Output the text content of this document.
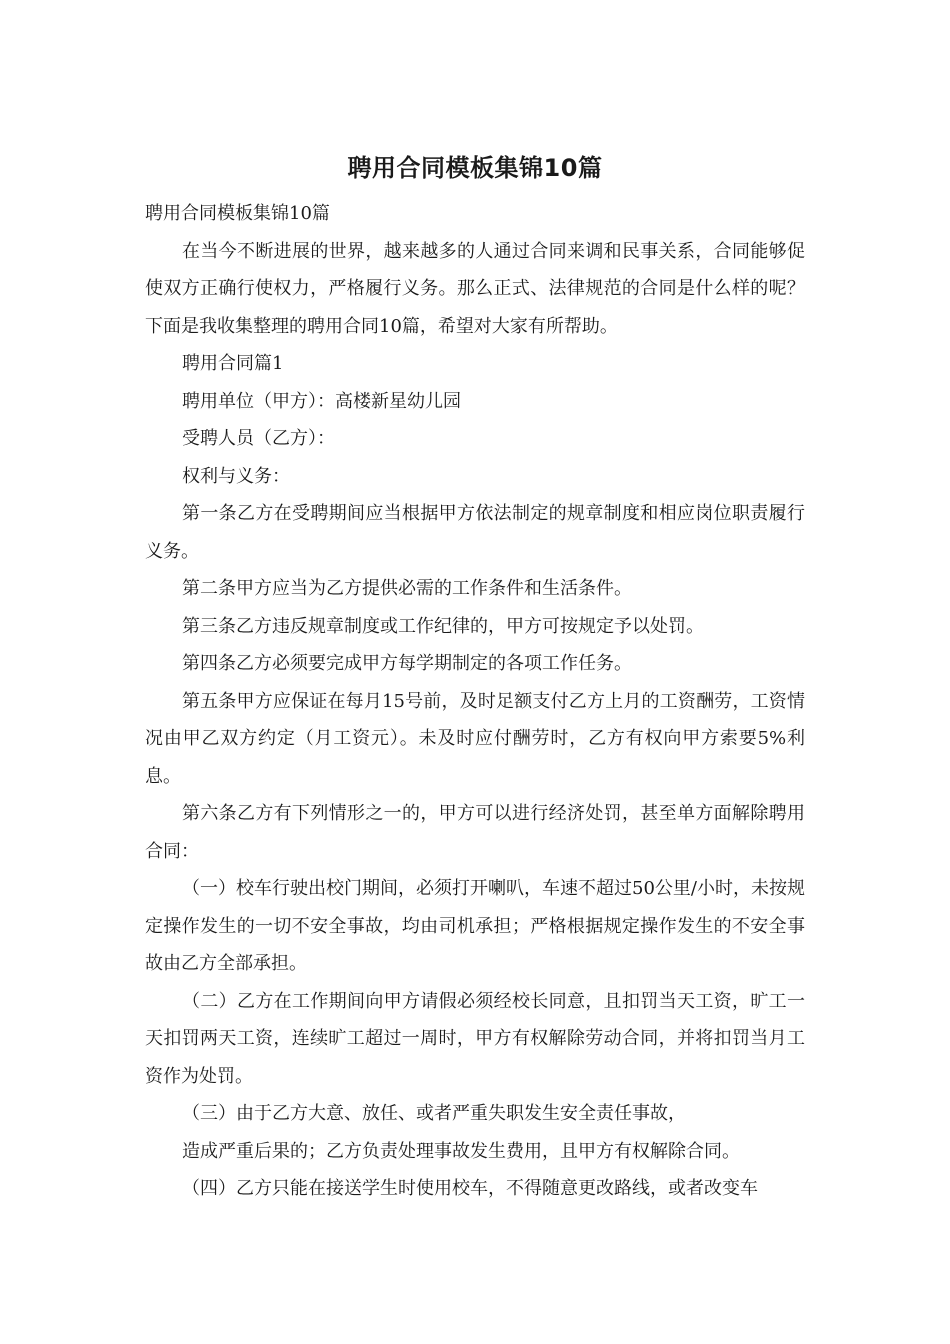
聘用合同模板集锦10篇

聘用合同模板集锦10篇

在当今不断进展的世界，越来越多的人通过合同来调和民事关系，合同能够促使双方正确行使权力，严格履行义务。那么正式、法律规范的合同是什么样的呢？下面是我收集整理的聘用合同10篇，希望对大家有所帮助。

聘用合同篇1

聘用单位（甲方）：高楼新星幼儿园

受聘人员（乙方）：

权利与义务：

第一条乙方在受聘期间应当根据甲方依法制定的规章制度和相应岗位职责履行义务。

第二条甲方应当为乙方提供必需的工作条件和生活条件。

第三条乙方违反规章制度或工作纪律的，甲方可按规定予以处罚。

第四条乙方必须要完成甲方每学期制定的各项工作任务。

第五条甲方应保证在每月15号前，及时足额支付乙方上月的工资酬劳，工资情况由甲乙双方约定（月工资元）。未及时应付酬劳时，乙方有权向甲方索要5%利息。

第六条乙方有下列情形之一的，甲方可以进行经济处罚，甚至单方面解除聘用合同：

（一）校车行驶出校门期间，必须打开喇叭，车速不超过50公里/小时，未按规定操作发生的一切不安全事故，均由司机承担；严格根据规定操作发生的不安全事故由乙方全部承担。

（二）乙方在工作期间向甲方请假必须经校长同意，且扣罚当天工资，旷工一天扣罚两天工资，连续旷工超过一周时，甲方有权解除劳动合同，并将扣罚当月工资作为处罚。

（三）由于乙方大意、放任、或者严重失职发生安全责任事故，

造成严重后果的；乙方负责处理事故发生费用，且甲方有权解除合同。

（四）乙方只能在接送学生时使用校车，不得随意更改路线，或者改变车
